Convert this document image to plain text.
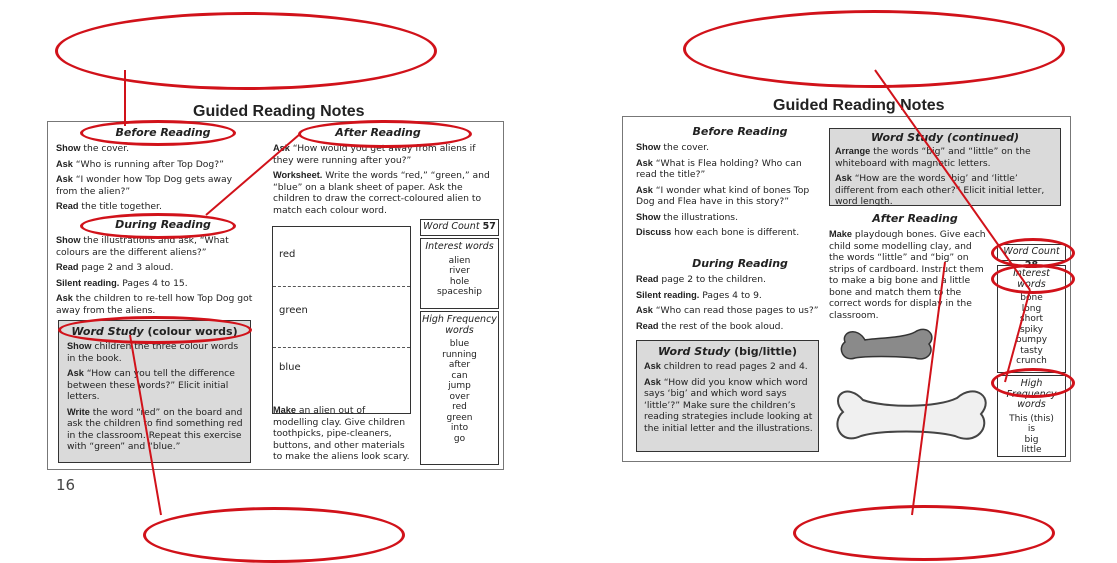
Guided Reading Notes
Before Reading
Show the cover.
Ask “Who is running after Top Dog?”
Ask “I wonder how Top Dog gets away from the alien?”
Read the title together.
During Reading
Show the illustrations and ask, “What colours are the different aliens?”
Read page 2 and 3 aloud.
Silent reading. Pages 4 to 15.
Ask the children to re-tell how Top Dog got away from the aliens.
Word Study (colour words)
Show children the three colour words in the book.
Ask “How can you tell the difference between these words?” Elicit initial letters.
Write the word “red” on the board and ask the children to find something red in the classroom. Repeat this exercise with “green” and “blue.”
After Reading
Ask “How would you get away from aliens if they were running after you?”
Worksheet. Write the words “red,” “green,” and “blue” on a blank sheet of paper. Ask the children to draw the correct-coloured alien to match each colour word.
red
green
blue
Make an alien out of modelling clay. Give children toothpicks, pipe-cleaners, buttons, and other materials to make the aliens look scary.
Word Count 57
Interest words
alien
river
hole
spaceship
High Frequency words
blue
running
after
can
jump
over
red
green
into
go
16
Guided Reading Notes
Before Reading
Show the cover.
Ask “What is Flea holding? Who can read the title?”
Ask “I wonder what kind of bones Top Dog and Flea have in this story?”
Show the illustrations.
Discuss how each bone is different.
During Reading
Read page 2 to the children.
Silent reading. Pages 4 to 9.
Ask “Who can read those pages to us?”
Read the rest of the book aloud.
Word Study (big/little)
Ask children to read pages 2 and 4.
Ask “How did you know which word says ‘big’ and which word says ‘little’?” Make sure the children’s reading strategies include looking at the initial letter and the illustrations.
Word Study (continued)
Arrange the words “big” and “little” on the whiteboard with magnetic letters.
Ask “How are the words ‘big’ and ‘little’ different from each other?” Elicit initial letter, word length.
After Reading
Make playdough bones. Give each child some modelling clay, and the words “little” and “big” on strips of cardboard. Instruct them to make a big bone and a little bone and match them to the correct words for display in the classroom.
Word Count 28
Interest words
bone
long
short
spiky
bumpy
tasty
crunch
High Frequency words
This (this)
is
big
little
